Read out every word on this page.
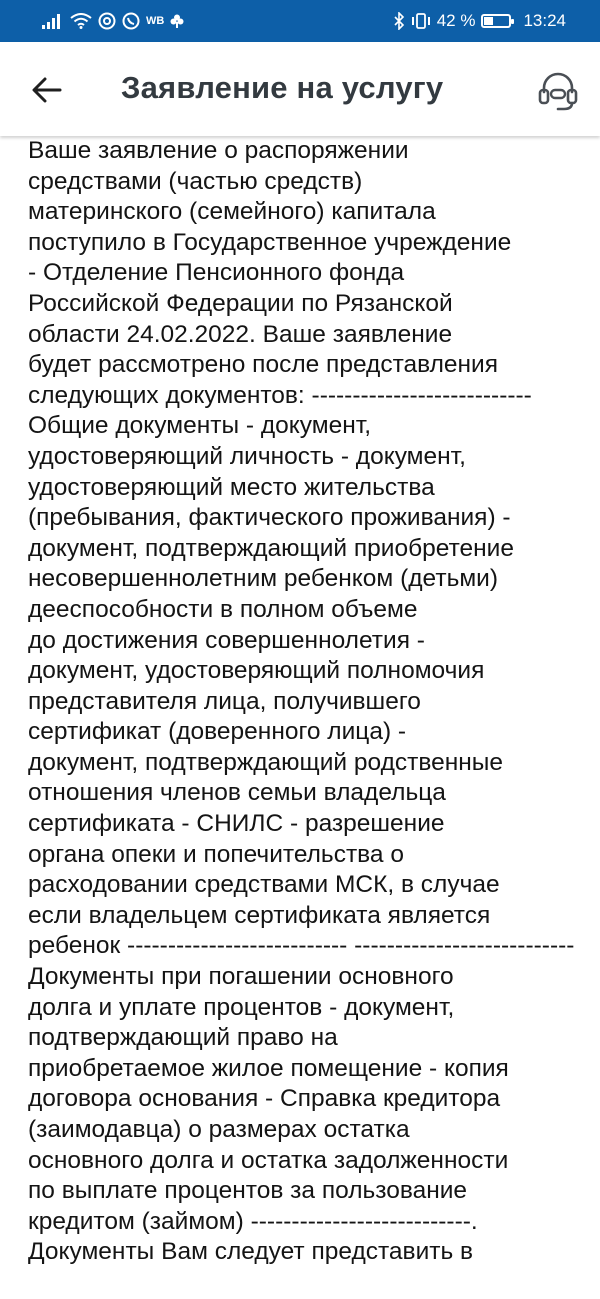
WB	42 %	13:24
Заявление на услугу

Ваше заявление о распоряжении
средствами (частью средств)
материнского (семейного) капитала
поступило в Государственное учреждение
- Отделение Пенсионного фонда
Российской Федерации по Рязанской
области 24.02.2022. Ваше заявление
будет рассмотрено после представления
следующих документов: ---------------------------
Общие документы - документ,
удостоверяющий личность - документ,
удостоверяющий место жительства
(пребывания, фактического проживания) -
документ, подтверждающий приобретение
несовершеннолетним ребенком (детьми)
дееспособности в полном объеме
до достижения совершеннолетия -
документ, удостоверяющий полномочия
представителя лица, получившего
сертификат (доверенного лица) -
документ, подтверждающий родственные
отношения членов семьи владельца
сертификата - СНИЛС - разрешение
органа опеки и попечительства о
расходовании средствами МСК, в случае
если владельцем сертификата является
ребенок --------------------------- ---------------------------
Документы при погашении основного
долга и уплате процентов - документ,
подтверждающий право на
приобретаемое жилое помещение - копия
договора основания - Справка кредитора
(заимодавца) о размерах остатка
основного долга и остатка задолженности
по выплате процентов за пользование
кредитом (займом) ---------------------------.
Документы Вам следует представить в
